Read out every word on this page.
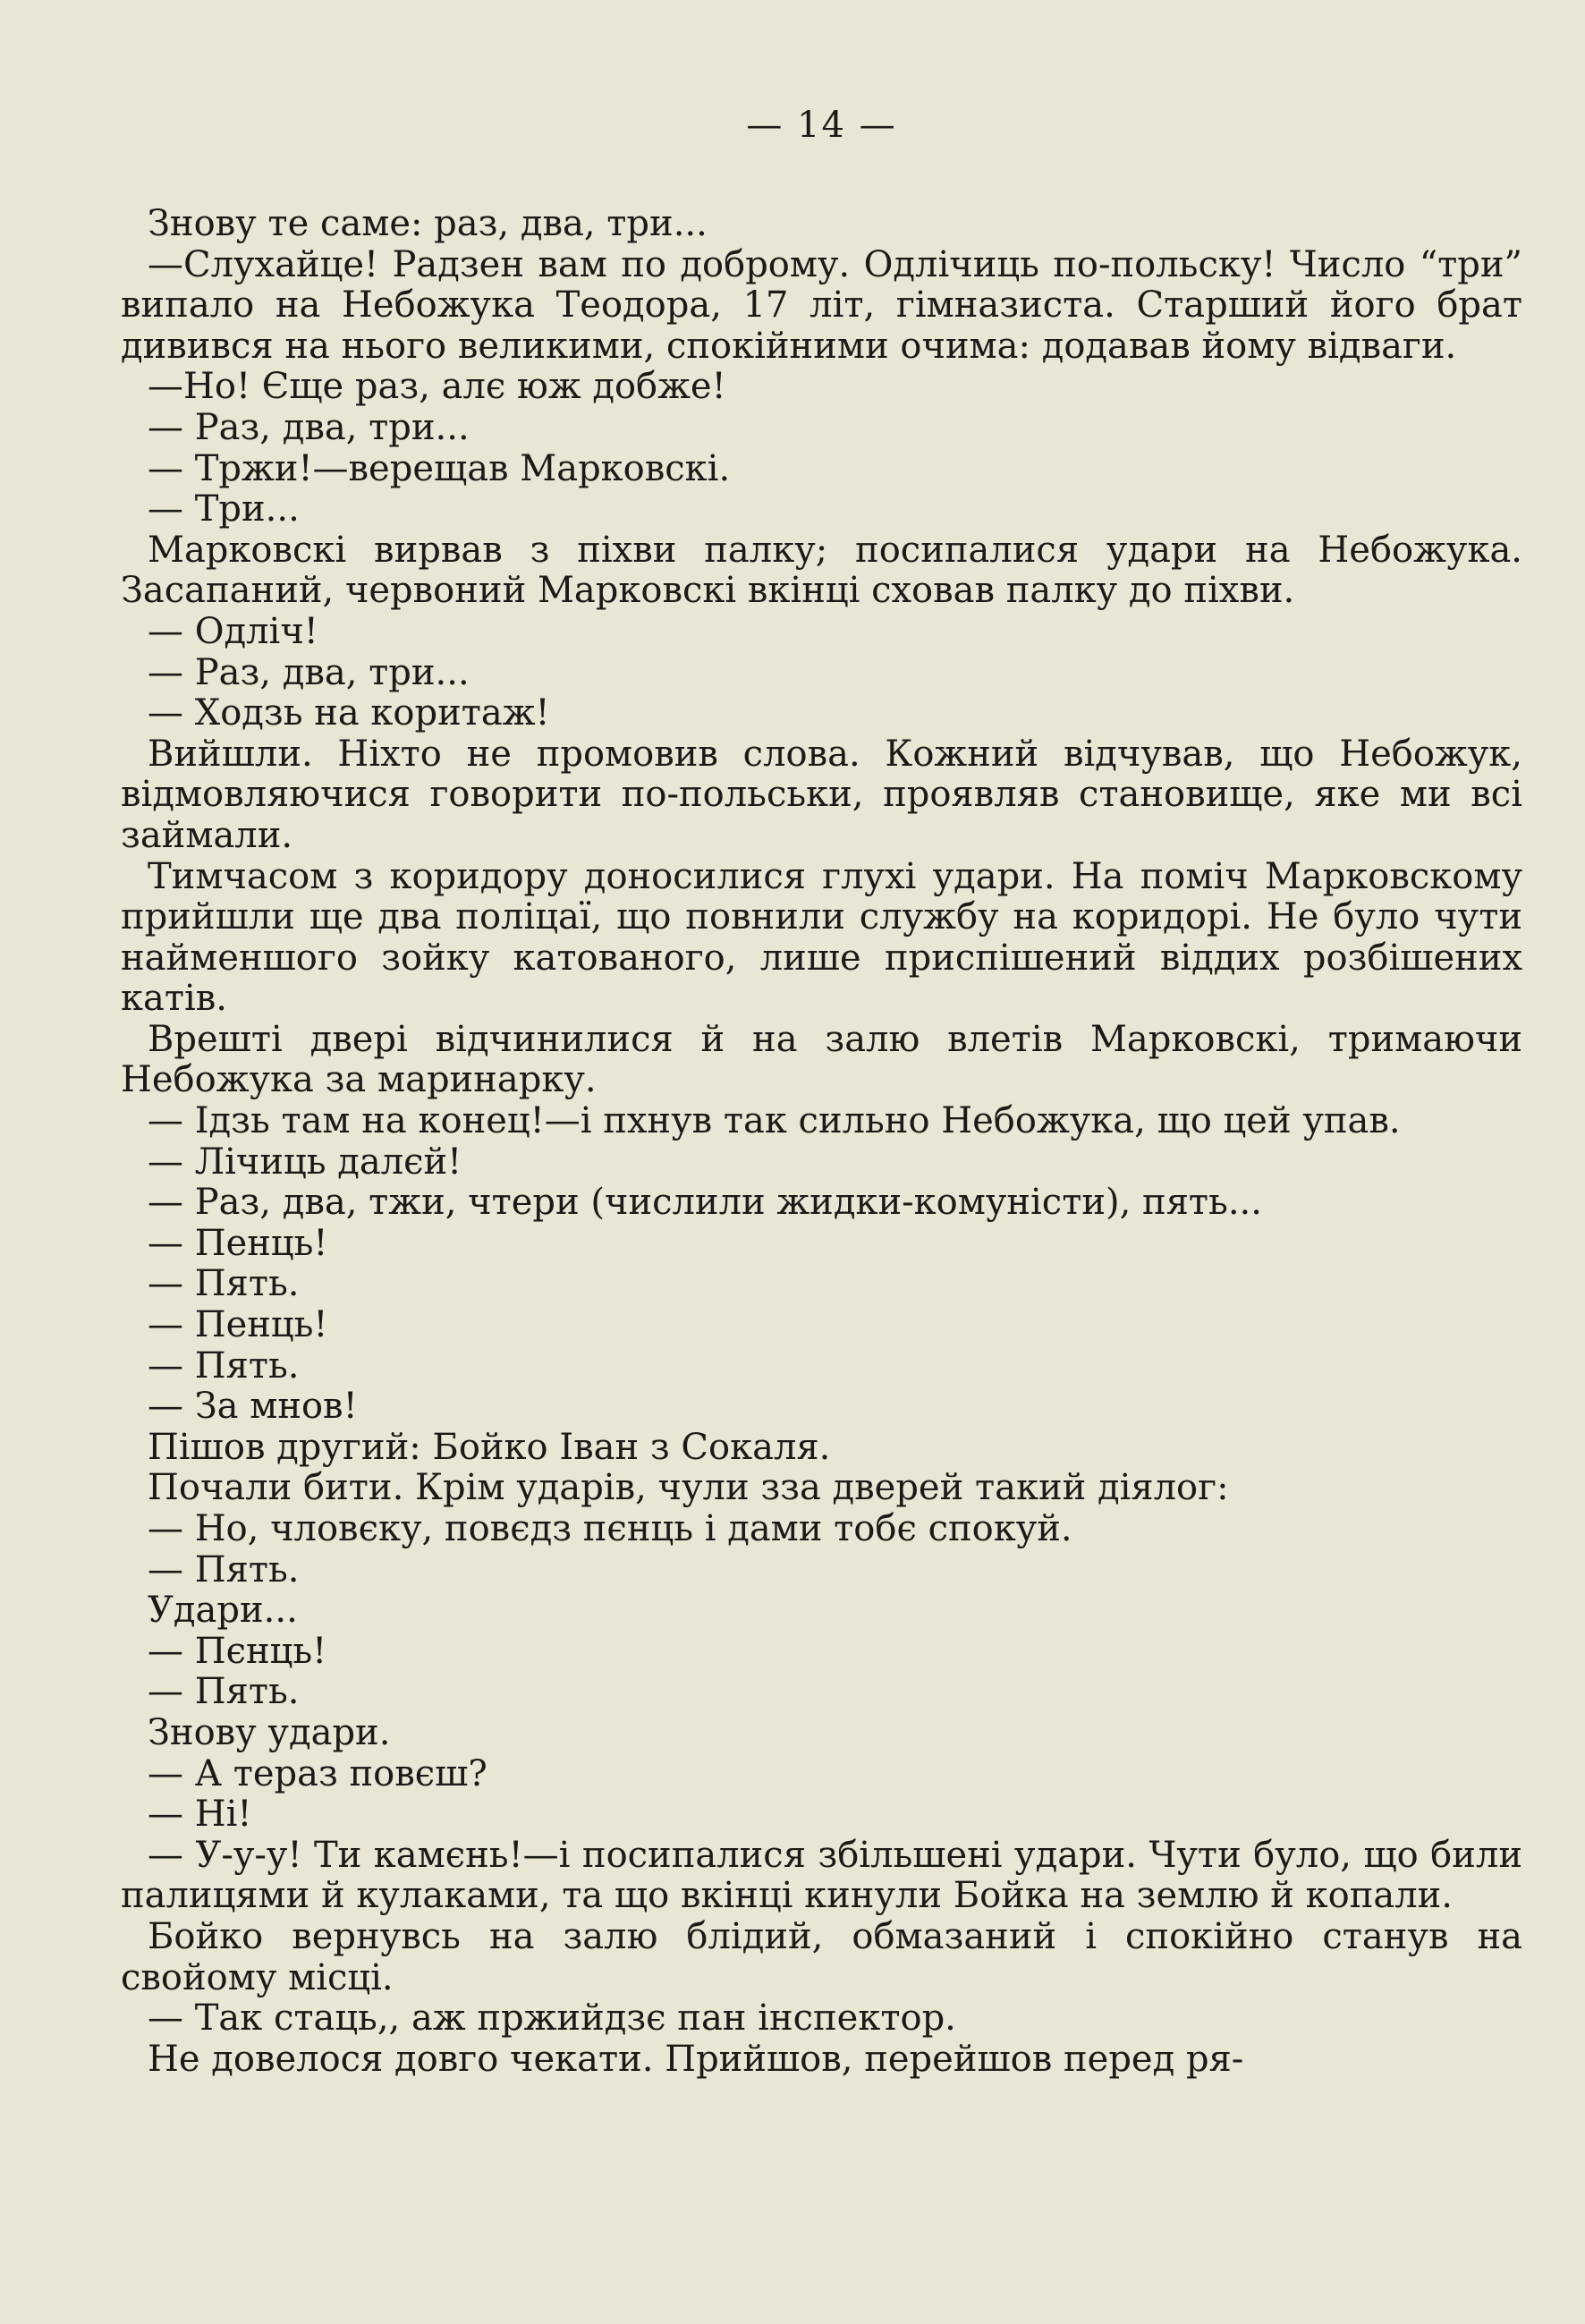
— 14 —

Знову те саме: раз, два, три...

—Слухайце! Радзен вам по доброму. Одлічиць по-польску! Число “три” випало на Небожука Теодора, 17 літ, гімназиста. Старший його брат дивився на нього великими, спокійними очима: додавав йому відваги.

—Но! Єще раз, алє юж добже!

— Раз, два, три...

— Тржи!—верещав Марковскі.

— Три...

Марковскі вирвав з піхви палку; посипалися удари на Небожука. Засапаний, червоний Марковскі вкінці сховав палку до піхви.

— Одліч!

— Раз, два, три...

— Ходзь на коритаж!

Вийшли. Ніхто не промовив слова. Кожний відчував, що Небожук, відмовляючися говорити по-польськи, проявляв становище, яке ми всі займали.

Тимчасом з коридору доносилися глухі удари. На поміч Марковскому прийшли ще два поліцаї, що повнили службу на коридорі. Не було чути найменшого зойку катованого, лише приспішений віддих розбішених катів.

Врешті двері відчинилися й на залю влетів Марковскі, тримаючи Небожука за маринарку.

— Ідзь там на конец!—і пхнув так сильно Небожука, що цей упав.

— Лічиць далєй!

— Раз, два, тжи, чтери (числили жидки-комуністи), пять...

— Пенць!

— Пять.

— Пенць!

— Пять.

— За мнов!

Пішов другий: Бойко Іван з Сокаля.

Почали бити. Крім ударів, чули зза дверей такий діялог:

— Но, чловєку, повєдз пєнць і дами тобє спокуй.

— Пять.

Удари...

— Пєнць!

— Пять.

Знову удари.

— А тераз повєш?

— Ні!

— У-у-у! Ти камєнь!—і посипалися збільшені удари. Чути було, що били палицями й кулаками, та що вкінці кинули Бойка на землю й копали.

Бойко вернувсь на залю блідий, обмазаний і спокійно станув на свойому місці.

— Так стаць,, аж пржийдзє пан інспектор.

Не довелося довго чекати. Прийшов, перейшов перед ря-
